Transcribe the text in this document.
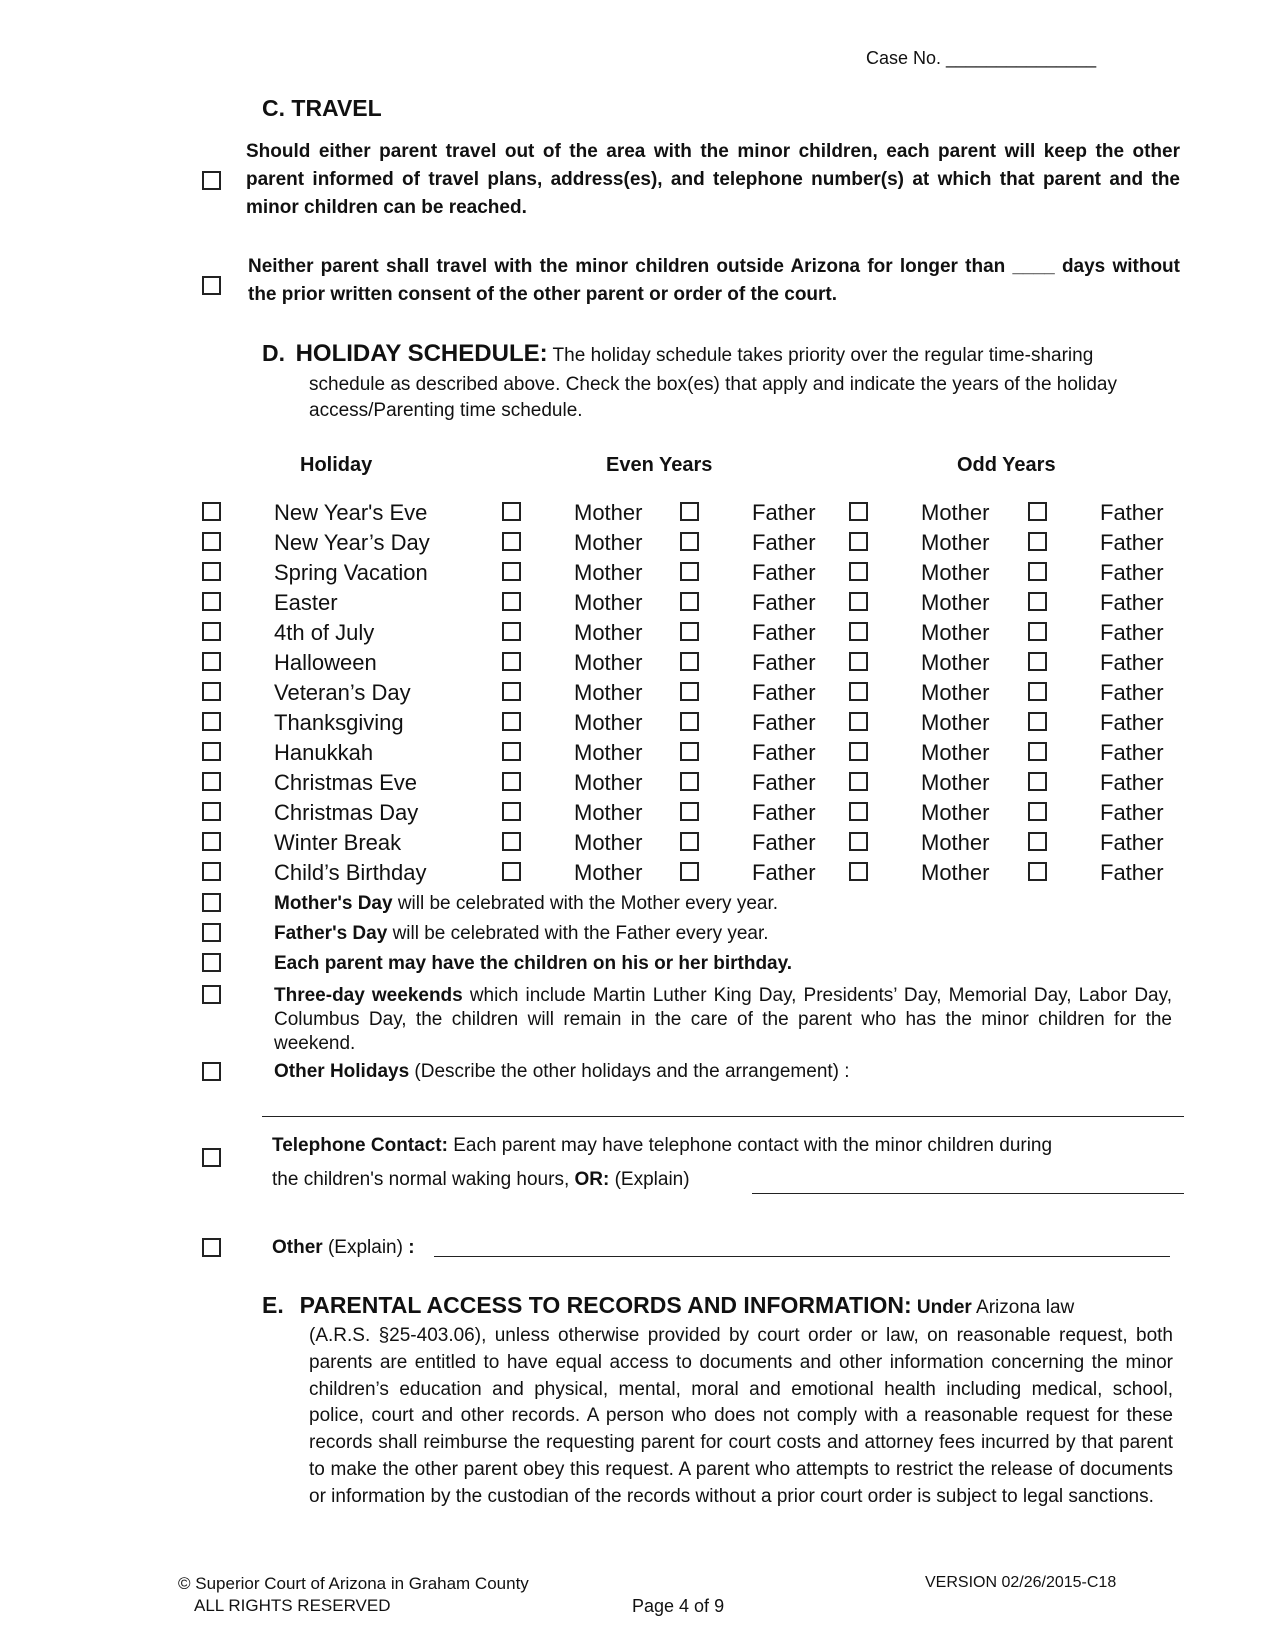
Case No. _______________
C. TRAVEL
Should either parent travel out of the area with the minor children, each parent will keep the other parent informed of travel plans, address(es), and telephone number(s) at which that parent and the minor children can be reached.
Neither parent shall travel with the minor children outside Arizona for longer than ____ days without the prior written consent of the other parent or order of the court.
D. HOLIDAY SCHEDULE: The holiday schedule takes priority over the regular time-sharing
schedule as described above. Check the box(es) that apply and indicate the years of the holiday access/Parenting time schedule.
Holiday	Even Years	Odd Years
New Year's Eve	Mother	Father	Mother	Father
New Year’s Day	Mother	Father	Mother	Father
Spring Vacation	Mother	Father	Mother	Father
Easter	Mother	Father	Mother	Father
4th of July	Mother	Father	Mother	Father
Halloween	Mother	Father	Mother	Father
Veteran’s Day	Mother	Father	Mother	Father
Thanksgiving	Mother	Father	Mother	Father
Hanukkah	Mother	Father	Mother	Father
Christmas Eve	Mother	Father	Mother	Father
Christmas Day	Mother	Father	Mother	Father
Winter Break	Mother	Father	Mother	Father
Child’s Birthday	Mother	Father	Mother	Father
Mother's Day will be celebrated with the Mother every year.
Father's Day will be celebrated with the Father every year.
Each parent may have the children on his or her birthday.
Three-day weekends which include Martin Luther King Day, Presidents’ Day, Memorial Day, Labor Day, Columbus Day, the children will remain in the care of the parent who has the minor children for the weekend.
Other Holidays (Describe the other holidays and the arrangement) :
Telephone Contact: Each parent may have telephone contact with the minor children during
the children's normal waking hours, OR: (Explain)
Other (Explain) :
E. PARENTAL ACCESS TO RECORDS AND INFORMATION: Under Arizona law
(A.R.S. §25-403.06), unless otherwise provided by court order or law, on reasonable request, both parents are entitled to have equal access to documents and other information concerning the minor children’s education and physical, mental, moral and emotional health including medical, school, police, court and other records. A person who does not comply with a reasonable request for these records shall reimburse the requesting parent for court costs and attorney fees incurred by that parent to make the other parent obey this request. A parent who attempts to restrict the release of documents or information by the custodian of the records without a prior court order is subject to legal sanctions.
© Superior Court of Arizona in Graham County
ALL RIGHTS RESERVED	Page 4 of 9
VERSION 02/26/2015-C18
